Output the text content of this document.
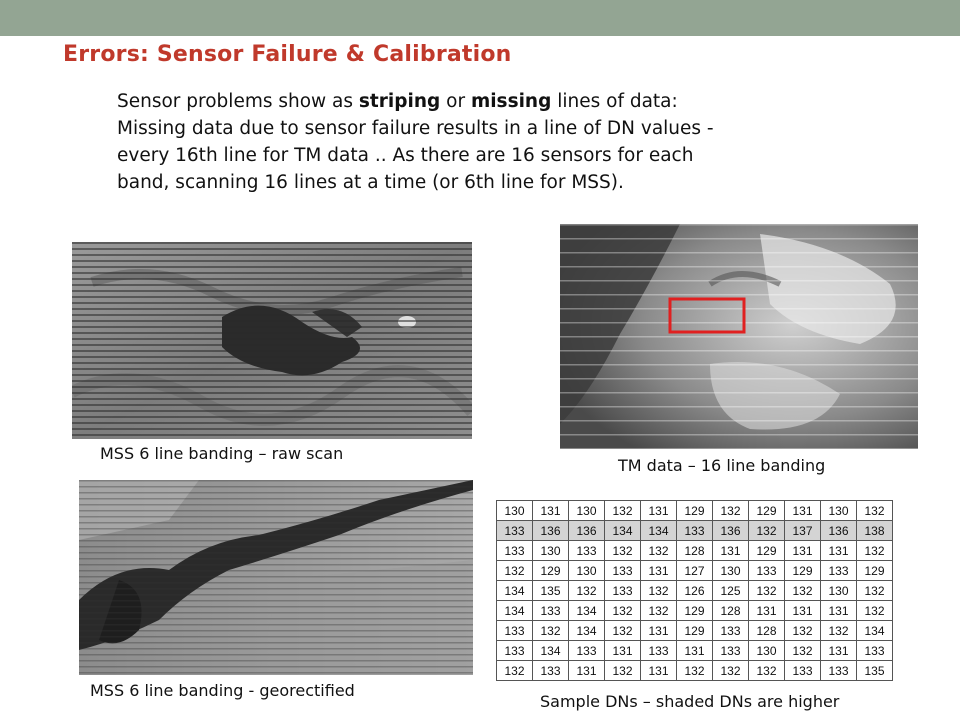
Errors: Sensor Failure & Calibration
Sensor problems show as striping or missing lines of data:
Missing data due to sensor failure results in a line of DN values -
every 16th line for TM data .. As there are 16 sensors for each
band, scanning 16 lines at a time (or 6th line for MSS).
MSS 6 line banding – raw scan
TM data – 16 line banding
MSS 6 line banding - georectified
130	131	130	132	131	129	132	129	131	130	132
133	136	136	134	134	133	136	132	137	136	138
133	130	133	132	132	128	131	129	131	131	132
132	129	130	133	131	127	130	133	129	133	129
134	135	132	133	132	126	125	132	132	130	132
134	133	134	132	132	129	128	131	131	131	132
133	132	134	132	131	129	133	128	132	132	134
133	134	133	131	133	131	133	130	132	131	133
132	133	131	132	131	132	132	132	133	133	135
Sample DNs – shaded DNs are higher
